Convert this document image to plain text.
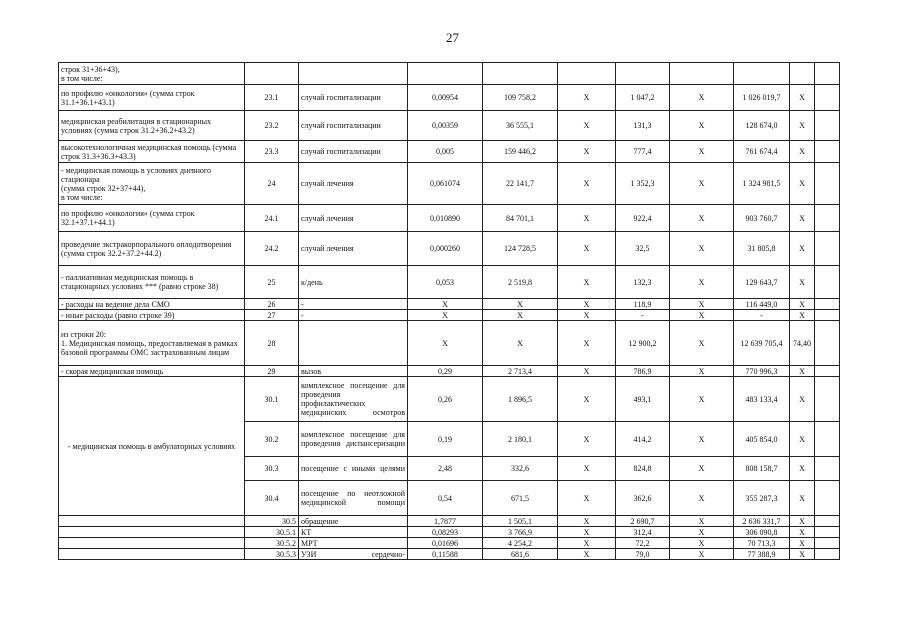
27
строк 31+36+43),
в том числе:										
по профилю «онкология» (сумма строк 31.1+36.1+43.1)	23.1	случай госпитализации	0,00954	109 758,2	X	1 047,2	X	1 026 019,7	X	
медицинская реабилитация в стационарных условиях (сумма строк 31.2+36.2+43.2)	23.2	случай госпитализации	0,00359	36 555,1	X	131,3	X	128 674,0	X	
высокотехнологичная медицинская помощь (сумма строк 31.3+36.3+43.3)	23.3	случай госпитализации	0,005	159 446,2	X	777,4	X	761 674,4	X	
- медицинская помощь в условиях дневного стационара
(сумма строк 32+37+44),
в том числе:	24	случай лечения	0,061074	22 141,7	X	1 352,3	X	1 324 981,5	X	
по профилю «онкология» (сумма строк 32.1+37.1+44.1)	24.1	случай лечения	0,010890	84 701,1	X	922,4	X	903 760,7	X	
проведение экстракорпорального оплодотворения
(сумма строк 32.2+37.2+44.2)	24.2	случай лечения	0,000260	124 728,5	X	32,5	X	31 805,8	X	
- паллиативная медицинская помощь в стационарных условиях *** (равно строке 38)	25	к/день	0,053	2 519,8	X	132,3	X	129 643,7	X	
- расходы на ведение дела СМО	26	-	X	X	X	118,9	X	116 449,0	X	
- иные расходы (равно строке 39)	27	-	X	X	X	-	X	-	X	
из строки 20:
1. Медицинская помощь, предоставляемая в рамках базовой программы ОМС застрахованным лицам	28		X	X	X	12 900,2	X	12 639 705,4	74,40	
- скорая медицинская помощь	29	вызов	0,29	2 713,4	X	786,9	X	770 996,3	X	
- медицинская помощь в амбулаторных условиях	30.1	комплексное посещение для проведения профилактических медицинских осмотров	0,26	1 896,5	X	493,1	X	483 133,4	X	
	30.2	комплексное посещение для проведения диспансеризации	0,19	2 180,1	X	414,2	X	405 854,0	X	
	30.3	посещение с иными целями	2,48	332,6	X	824,8	X	808 158,7	X	
	30.4	посещение по неотложной медицинской помощи	0,54	671,5	X	362,6	X	355 287,3	X	
	30.5	обращение	1,7877	1 505,1	X	2 690,7	X	2 636 331,7	X	
	30.5.1	КТ	0,08293	3 766,9	X	312,4	X	306 090,8	X	
	30.5.2	МРТ	0,01696	4 254,2	X	72,2	X	70 713,3	X	
	30.5.3	УЗИ сердечно-	0,11588	681,6	X	79,0	X	77 388,9	X	
